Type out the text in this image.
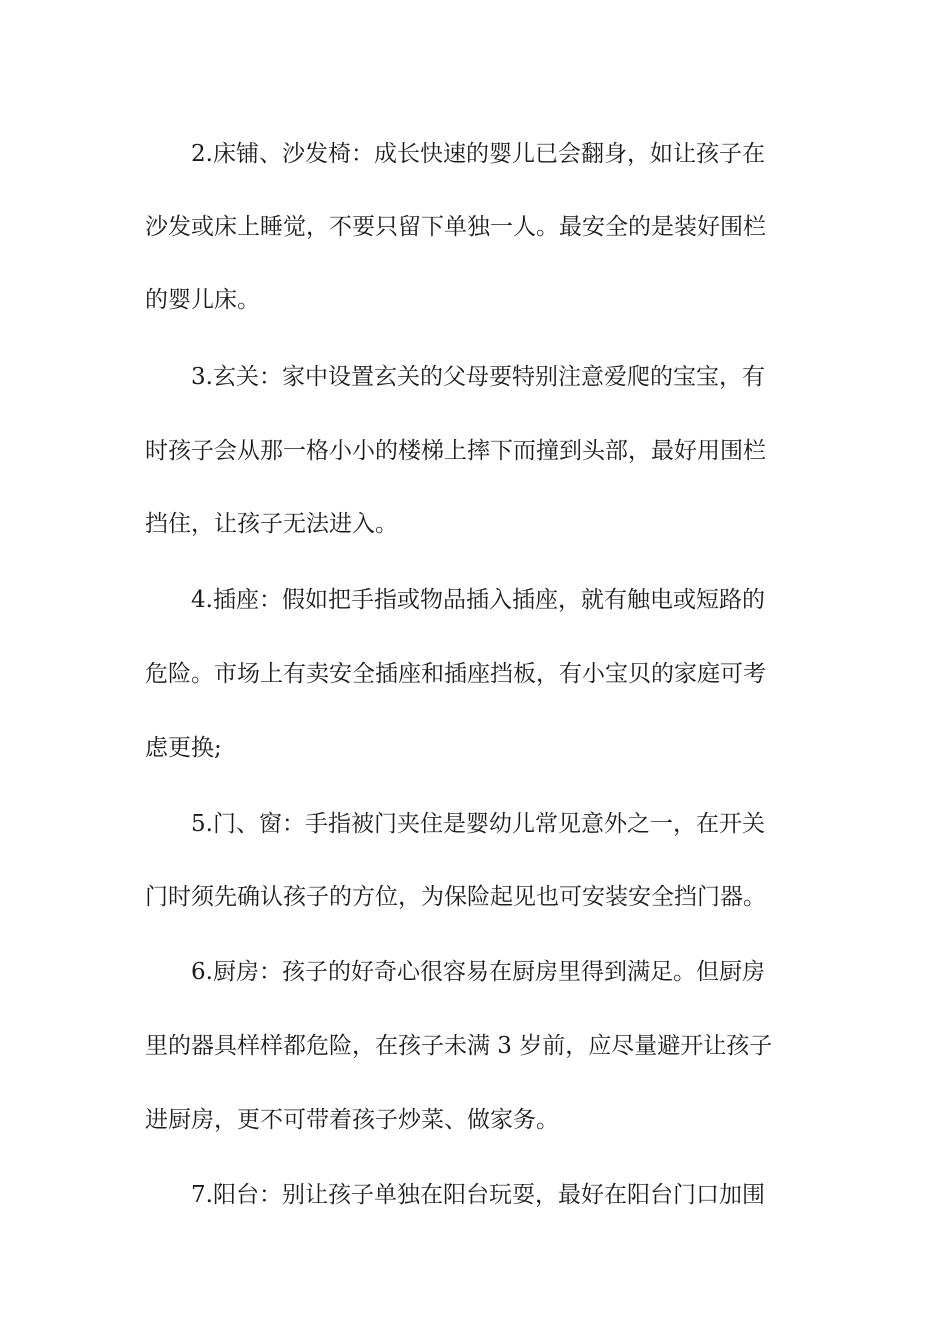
2.床铺、沙发椅：成长快速的婴儿已会翻身，如让孩子在
沙发或床上睡觉，不要只留下单独一人。最安全的是装好围栏
的婴儿床。
3.玄关：家中设置玄关的父母要特别注意爱爬的宝宝，有
时孩子会从那一格小小的楼梯上摔下而撞到头部，最好用围栏
挡住，让孩子无法进入。
4.插座：假如把手指或物品插入插座，就有触电或短路的
危险。市场上有卖安全插座和插座挡板，有小宝贝的家庭可考
虑更换;
5.门、窗：手指被门夹住是婴幼儿常见意外之一，在开关
门时须先确认孩子的方位，为保险起见也可安装安全挡门器。
6.厨房：孩子的好奇心很容易在厨房里得到满足。但厨房
里的器具样样都危险，在孩子未满 3 岁前，应尽量避开让孩子
进厨房，更不可带着孩子炒菜、做家务。
7.阳台：别让孩子单独在阳台玩耍，最好在阳台门口加围
